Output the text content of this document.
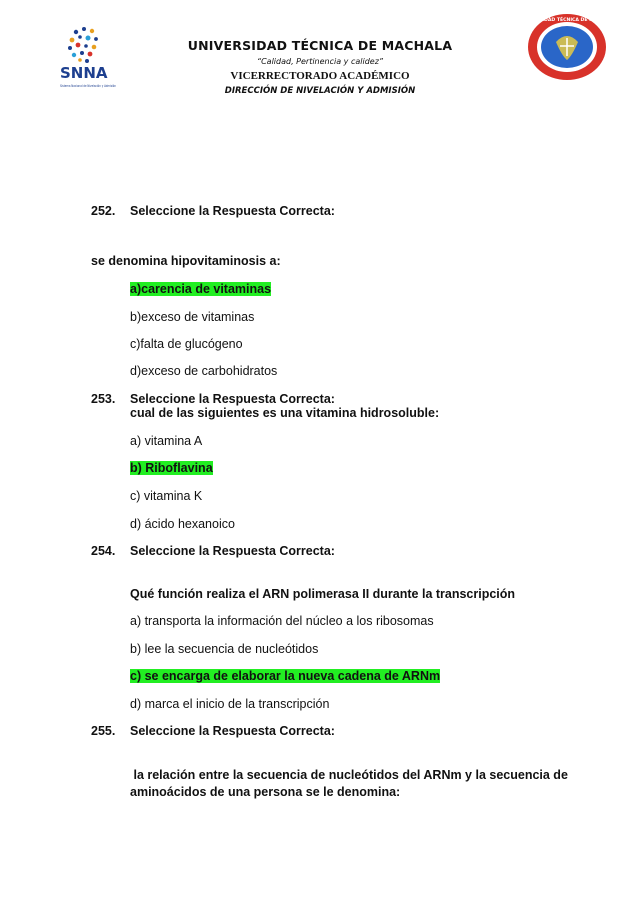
SNNA
Sistema Nacional de Nivelación y Admisión
UNIVERSIDAD TÉCNICA DE MACHALA
“Calidad, Pertinencia y calidez”
VICERRECTORADO ACADÉMICO
DIRECCIÓN DE NIVELACIÓN Y ADMISIÓN
UNIVERSIDAD TÉCNICA DE MACHALA
252. Seleccione la Respuesta Correcta:
se denomina hipovitaminosis a:
a)carencia de vitaminas
b)exceso de vitaminas
c)falta de glucógeno
d)exceso de carbohidratos
253. Seleccione la Respuesta Correcta:
cual de las siguientes es una vitamina hidrosoluble:
a) vitamina A
b) Riboflavina
c) vitamina K
d) ácido hexanoico
254. Seleccione la Respuesta Correcta:
Qué función realiza el ARN polimerasa II durante la transcripción
a) transporta la información del núcleo a los ribosomas
b) lee la secuencia de nucleótidos
c) se encarga de elaborar la nueva cadena de ARNm
d) marca el inicio de la transcripción
255. Seleccione la Respuesta Correcta:
la relación entre la secuencia de nucleótidos del ARNm y la secuencia de
aminoácidos de una persona se le denomina:
